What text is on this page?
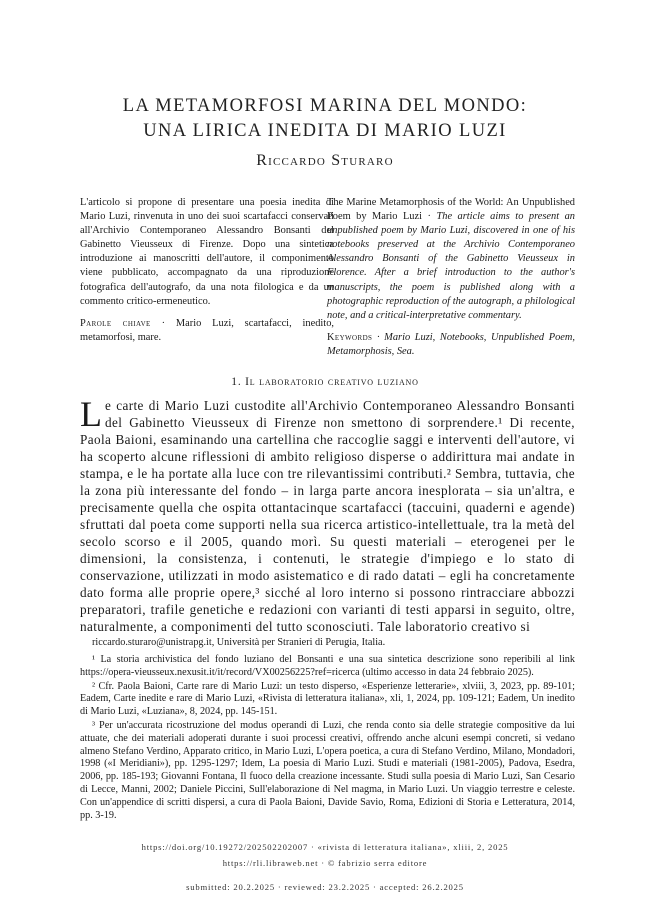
LA METAMORFOSI MARINA DEL MONDO:
UNA LIRICA INEDITA DI MARIO LUZI
Riccardo Sturaro

L'articolo si propone di presentare una poesia inedita di Mario Luzi, rinvenuta in uno dei suoi scartafacci conservati all'Archivio Contemporaneo Alessandro Bonsanti del Gabinetto Vieusseux di Firenze. Dopo una sintetica introduzione ai manoscritti dell'autore, il componimento viene pubblicato, accompagnato da una riproduzione fotografica dell'autografo, da una nota filologica e da un commento critico-ermeneutico.

Parole chiave · Mario Luzi, scartafacci, inedito, metamorfosi, mare.

The Marine Metamorphosis of the World: An Unpublished Poem by Mario Luzi · The article aims to present an unpublished poem by Mario Luzi, discovered in one of his notebooks preserved at the Archivio Contemporaneo Alessandro Bonsanti of the Gabinetto Vieusseux in Florence. After a brief introduction to the author's manuscripts, the poem is published along with a photographic reproduction of the autograph, a philological note, and a critical-interpretative commentary.

Keywords · Mario Luzi, Notebooks, Unpublished Poem, Metamorphosis, Sea.

1. Il laboratorio creativo luziano

Le carte di Mario Luzi custodite all'Archivio Contemporaneo Alessandro Bonsanti del Gabinetto Vieusseux di Firenze non smettono di sorprendere.¹ Di recente, Paola Baioni, esaminando una cartellina che raccoglie saggi e interventi dell'autore, vi ha scoperto alcune riflessioni di ambito religioso disperse o addirittura mai andate in stampa, e le ha portate alla luce con tre rilevantissimi contributi.² Sembra, tuttavia, che la zona più interessante del fondo – in larga parte ancora inesplorata – sia un'altra, e precisamente quella che ospita ottantacinque scartafacci (taccuini, quaderni e agende) sfruttati dal poeta come supporti nella sua ricerca artistico-intellettuale, tra la metà del secolo scorso e il 2005, quando morì. Su questi materiali – eterogenei per le dimensioni, la consistenza, i contenuti, le strategie d'impiego e lo stato di conservazione, utilizzati in modo asistematico e di rado datati – egli ha concretamente dato forma alle proprie opere,³ sicché al loro interno si possono rintracciare abbozzi preparatori, trafile genetiche e redazioni con varianti di testi apparsi in seguito, oltre, naturalmente, a componimenti del tutto sconosciuti. Tale laboratorio creativo si

riccardo.sturaro@unistrapg.it, Università per Stranieri di Perugia, Italia.

¹ La storia archivistica del fondo luziano del Bonsanti e una sua sintetica descrizione sono reperibili al link https://opera-vieusseux.nexusit.it/it/record/VX00256225?ref=ricerca (ultimo accesso in data 24 febbraio 2025).

² Cfr. Paola Baioni, Carte rare di Mario Luzi: un testo disperso, «Esperienze letterarie», xlviii, 3, 2023, pp. 89-101; Eadem, Carte inedite e rare di Mario Luzi, «Rivista di letteratura italiana», xli, 1, 2024, pp. 109-121; Eadem, Un inedito di Mario Luzi, «Luziana», 8, 2024, pp. 145-151.

³ Per un'accurata ricostruzione del modus operandi di Luzi, che renda conto sia delle strategie compositive da lui attuate, che dei materiali adoperati durante i suoi processi creativi, offrendo anche alcuni esempi concreti, si vedano almeno Stefano Verdino, Apparato critico, in Mario Luzi, L'opera poetica, a cura di Stefano Verdino, Milano, Mondadori, 1998 («I Meridiani»), pp. 1295-1297; Idem, La poesia di Mario Luzi. Studi e materiali (1981-2005), Padova, Esedra, 2006, pp. 185-193; Giovanni Fontana, Il fuoco della creazione incessante. Studi sulla poesia di Mario Luzi, San Cesario di Lecce, Manni, 2002; Daniele Piccini, Sull'elaborazione di Nel magma, in Mario Luzi. Un viaggio terrestre e celeste. Con un'appendice di scritti dispersi, a cura di Paola Baioni, Davide Savio, Roma, Edizioni di Storia e Letteratura, 2014, pp. 3-19.

https://doi.org/10.19272/202502202007 · «rivista di letteratura italiana», xliii, 2, 2025
https://rli.libraweb.net · © fabrizio serra editore
submitted: 20.2.2025 · reviewed: 23.2.2025 · accepted: 26.2.2025
